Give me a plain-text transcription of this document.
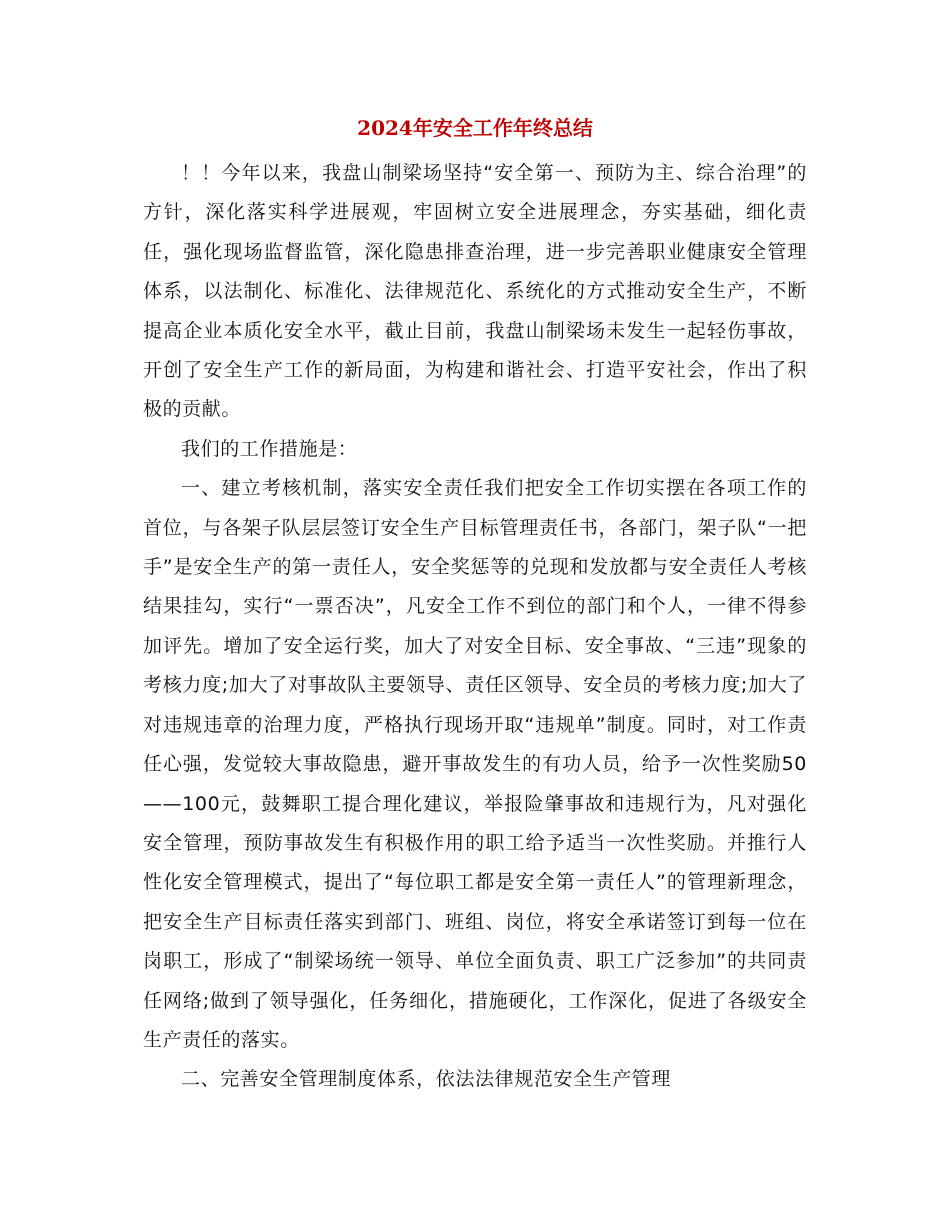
2024年安全工作年终总结

！！今年以来，我盘山制梁场坚持“安全第一、预防为主、综合治理”的方针，深化落实科学进展观，牢固树立安全进展理念，夯实基础，细化责任，强化现场监督监管，深化隐患排查治理，进一步完善职业健康安全管理体系，以法制化、标准化、法律规范化、系统化的方式推动安全生产，不断提高企业本质化安全水平，截止目前，我盘山制梁场未发生一起轻伤事故，开创了安全生产工作的新局面，为构建和谐社会、打造平安社会，作出了积极的贡献。

我们的工作措施是：

一、建立考核机制，落实安全责任我们把安全工作切实摆在各项工作的首位，与各架子队层层签订安全生产目标管理责任书，各部门，架子队“一把手”是安全生产的第一责任人，安全奖惩等的兑现和发放都与安全责任人考核结果挂勾，实行“一票否决”，凡安全工作不到位的部门和个人，一律不得参加评先。增加了安全运行奖，加大了对安全目标、安全事故、“三违”现象的考核力度;加大了对事故队主要领导、责任区领导、安全员的考核力度;加大了对违规违章的治理力度，严格执行现场开取“违规单”制度。同时，对工作责任心强，发觉较大事故隐患，避开事故发生的有功人员，给予一次性奖励50——100元，鼓舞职工提合理化建议，举报险肇事故和违规行为，凡对强化安全管理，预防事故发生有积极作用的职工给予适当一次性奖励。并推行人性化安全管理模式，提出了“每位职工都是安全第一责任人”的管理新理念，把安全生产目标责任落实到部门、班组、岗位，将安全承诺签订到每一位在岗职工，形成了“制梁场统一领导、单位全面负责、职工广泛参加”的共同责任网络;做到了领导强化，任务细化，措施硬化，工作深化，促进了各级安全生产责任的落实。

二、完善安全管理制度体系，依法法律规范安全生产管理
